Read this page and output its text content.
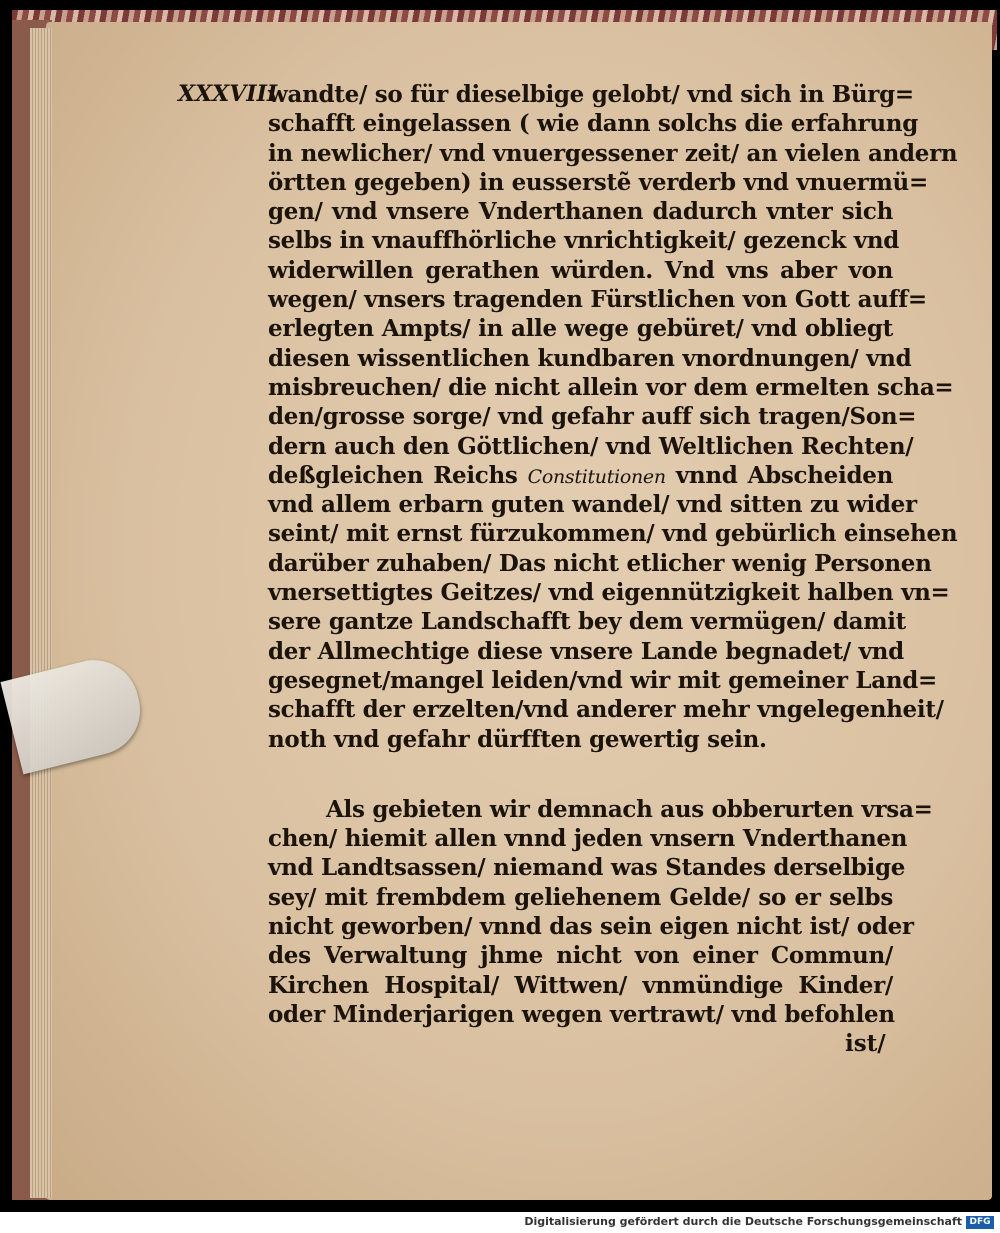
XXXVIII
wandte/ so für dieselbige gelobt/ vnd sich in Bürg=
schafft eingelassen ( wie dann solchs die erfahrung
in newlicher/ vnd vnuergessener zeit/ an vielen andern
örtten gegeben) in eusserstẽ verderb vnd vnuermü=
gen/ vnd vnsere Vnderthanen dadurch vnter sich
selbs in vnauffhörliche vnrichtigkeit/ gezenck vnd
widerwillen gerathen würden. Vnd vns aber von
wegen/ vnsers tragenden Fürstlichen von Gott auff=
erlegten Ampts/ in alle wege gebüret/ vnd obliegt
diesen wissentlichen kundbaren vnordnungen/ vnd
misbreuchen/ die nicht allein vor dem ermelten scha=
den/grosse sorge/ vnd gefahr auff sich tragen/Son=
dern auch den Göttlichen/ vnd Weltlichen Rechten/
deßgleichen Reichs Constitutionen vnnd Abscheiden
vnd allem erbarn guten wandel/ vnd sitten zu wider
seint/ mit ernst fürzukommen/ vnd gebürlich einsehen
darüber zuhaben/ Das nicht etlicher wenig Personen
vnersettigtes Geitzes/ vnd eigennützigkeit halben vn=
sere gantze Landschafft bey dem vermügen/ damit
der Allmechtige diese vnsere Lande begnadet/ vnd
gesegnet/mangel leiden/vnd wir mit gemeiner Land=
schafft der erzelten/vnd anderer mehr vngelegenheit/
noth vnd gefahr dürfften gewertig sein.
Als gebieten wir demnach aus obberurten vrsa=
chen/ hiemit allen vnnd jeden vnsern Vnderthanen
vnd Landtsassen/ niemand was Standes derselbige
sey/ mit frembdem geliehenem Gelde/ so er selbs
nicht geworben/ vnnd das sein eigen nicht ist/ oder
des Verwaltung jhme nicht von einer Commun/
Kirchen Hospital/ Wittwen/ vnmündige Kinder/
oder Minderjarigen wegen vertrawt/ vnd befohlen
ist/
Digitalisierung gefördert durch die Deutsche Forschungsgemeinschaft DFG
